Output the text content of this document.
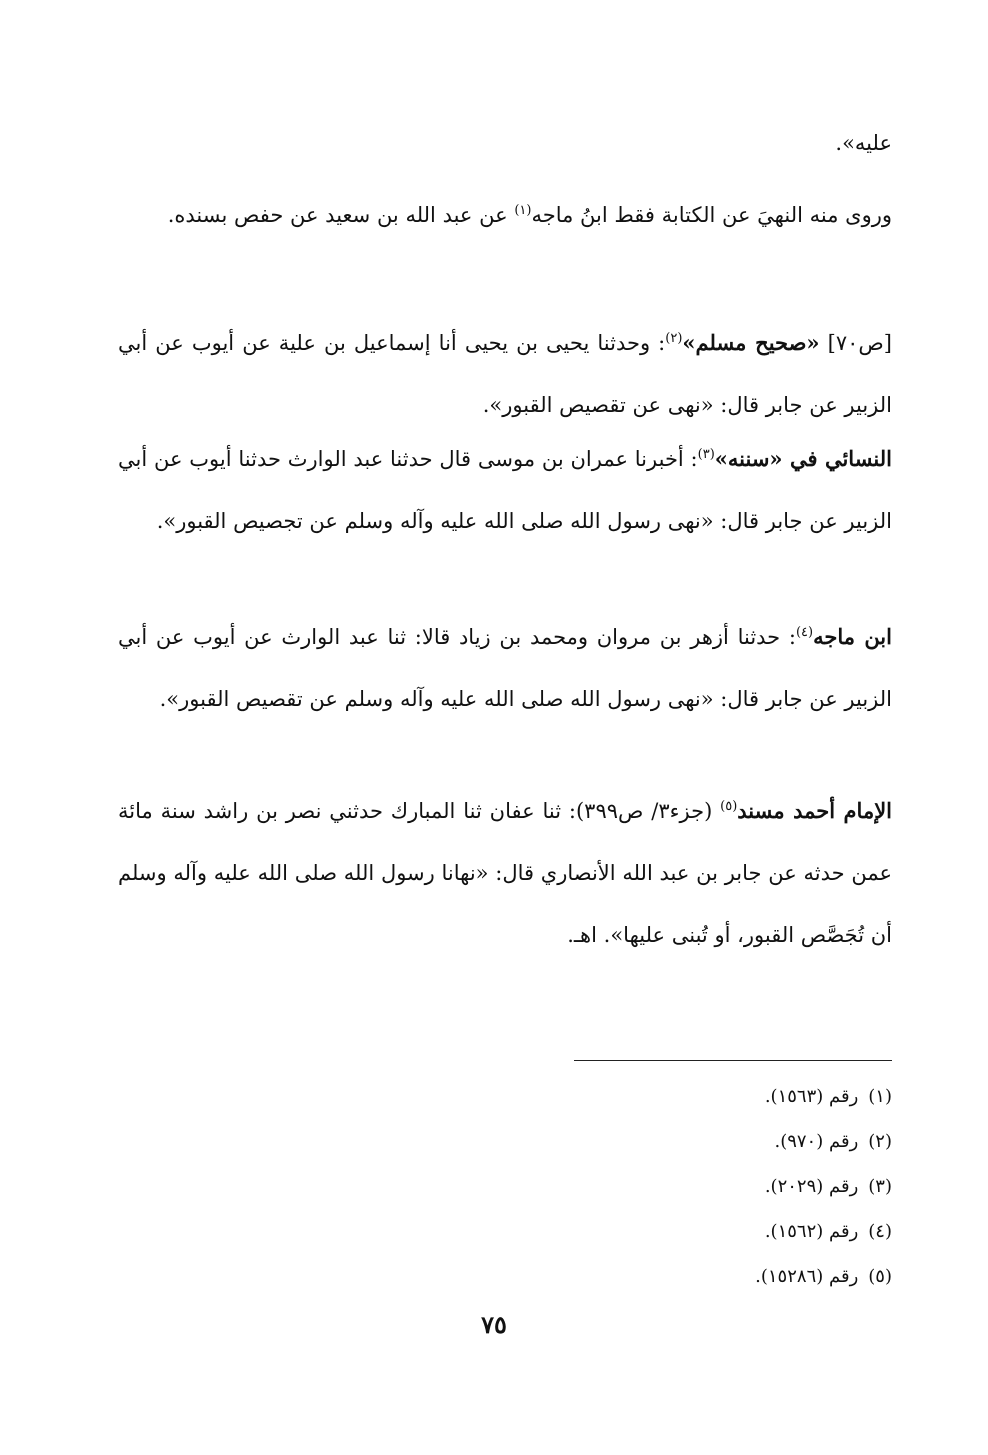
عليه».

وروى منه النهيَ عن الكتابة فقط ابنُ ماجه$^{(١)}$ عن عبد الله بن سعيد عن حفص بسنده.

[ص٧٠] «صحيح مسلم»$^{(٢)}$: وحدثنا يحيى بن يحيى أنا إسماعيل بن علية عن أيوب عن أبي الزبير عن جابر قال: «نهى عن تقصيص القبور».

النسائي في «سننه»$^{(٣)}$: أخبرنا عمران بن موسى قال حدثنا عبد الوارث حدثنا أيوب عن أبي الزبير عن جابر قال: «نهى رسول الله صلى الله عليه وآله وسلم عن تجصيص القبور».

ابن ماجه$^{(٤)}$: حدثنا أزهر بن مروان ومحمد بن زياد قالا: ثنا عبد الوارث عن أيوب عن أبي الزبير عن جابر قال: «نهى رسول الله صلى الله عليه وآله وسلم عن تقصيص القبور».

الإمام أحمد مسند$^{(٥)}$ (جزء٣/ ص٣٩٩): ثنا عفان ثنا المبارك حدثني نصر بن راشد سنة مائة عمن حدثه عن جابر بن عبد الله الأنصاري قال: «نهانا رسول الله صلى الله عليه وآله وسلم أن تُجَصَّص القبور، أو تُبنى عليها». اهـ.

(١)رقم (١٥٦٣).
(٢)رقم (٩٧٠).
(٣)رقم (٢٠٢٩).
(٤)رقم (١٥٦٢).
(٥)رقم (١٥٢٨٦).
٧٥
